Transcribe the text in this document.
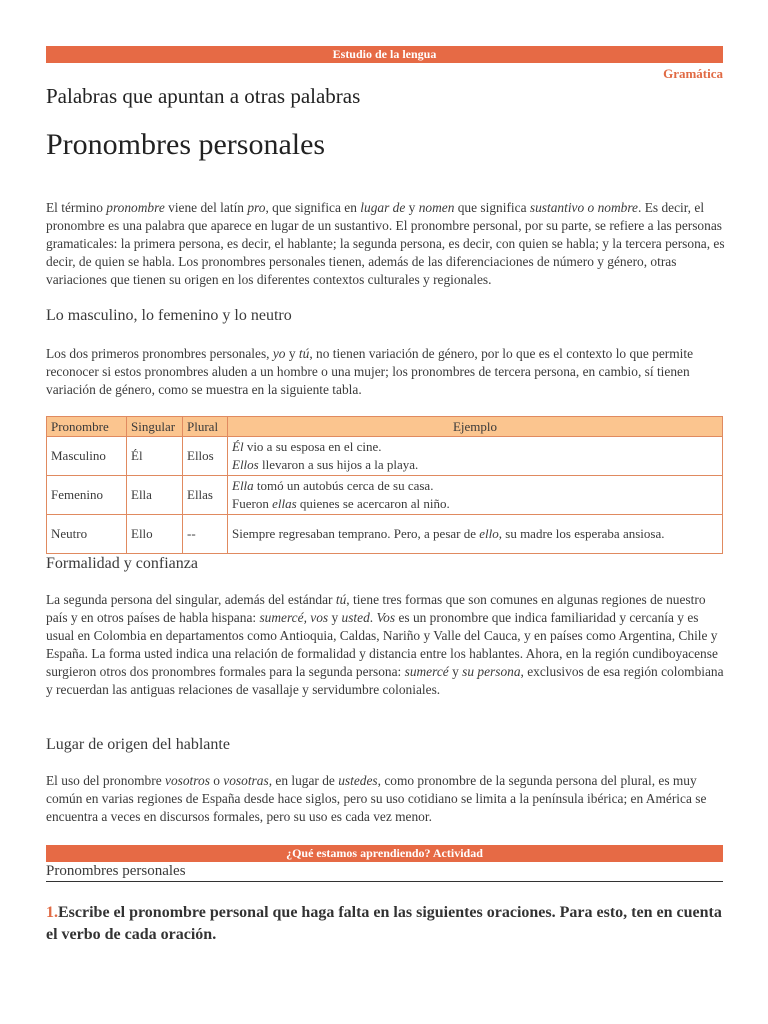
Estudio de la lengua
Gramática
Palabras que apuntan a otras palabras
Pronombres personales

El término pronombre viene del latín pro, que significa en lugar de y nomen que significa sustantivo o nombre. Es decir, el pronombre es una palabra que aparece en lugar de un sustantivo. El pronombre personal, por su parte, se refiere a las personas gramaticales: la primera persona, es decir, el hablante; la segunda persona, es decir, con quien se habla; y la tercera persona, es decir, de quien se habla. Los pronombres personales tienen, además de las diferenciaciones de número y género, otras variaciones que tienen su origen en los diferentes contextos culturales y regionales.

Lo masculino, lo femenino y lo neutro

Los dos primeros pronombres personales, yo y tú, no tienen variación de género, por lo que es el contexto lo que permite reconocer si estos pronombres aluden a un hombre o una mujer; los pronombres de tercera persona, en cambio, sí tienen variación de género, como se muestra en la siguiente tabla.

Pronombre	Singular	Plural	Ejemplo
Masculino	Él	Ellos	Él vio a su esposa en el cine.
Ellos llevaron a sus hijos a la playa.
Femenino	Ella	Ellas	Ella tomó un autobús cerca de su casa.
Fueron ellas quienes se acercaron al niño.
Neutro	Ello	--	Siempre regresaban temprano. Pero, a pesar de ello, su madre los esperaba ansiosa.
Formalidad y confianza

La segunda persona del singular, además del estándar tú, tiene tres formas que son comunes en algunas regiones de nuestro país y en otros países de habla hispana: sumercé, vos y usted. Vos es un pronombre que indica familiaridad y cercanía y es usual en Colombia en departamentos como Antioquia, Caldas, Nariño y Valle del Cauca, y en países como Argentina, Chile y España. La forma usted indica una relación de formalidad y distancia entre los hablantes. Ahora, en la región cundiboyacense surgieron otros dos pronombres formales para la segunda persona: sumercé y su persona, exclusivos de esa región colombiana y recuerdan las antiguas relaciones de vasallaje y servidumbre coloniales.

Lugar de origen del hablante

El uso del pronombre vosotros o vosotras, en lugar de ustedes, como pronombre de la segunda persona del plural, es muy común en varias regiones de España desde hace siglos, pero su uso cotidiano se limita a la península ibérica; en América se encuentra a veces en discursos formales, pero su uso es cada vez menor.

¿Qué estamos aprendiendo? Actividad
Pronombres personales

1.Escribe el pronombre personal que haga falta en las siguientes oraciones. Para esto, ten en cuenta el verbo de cada oración.
